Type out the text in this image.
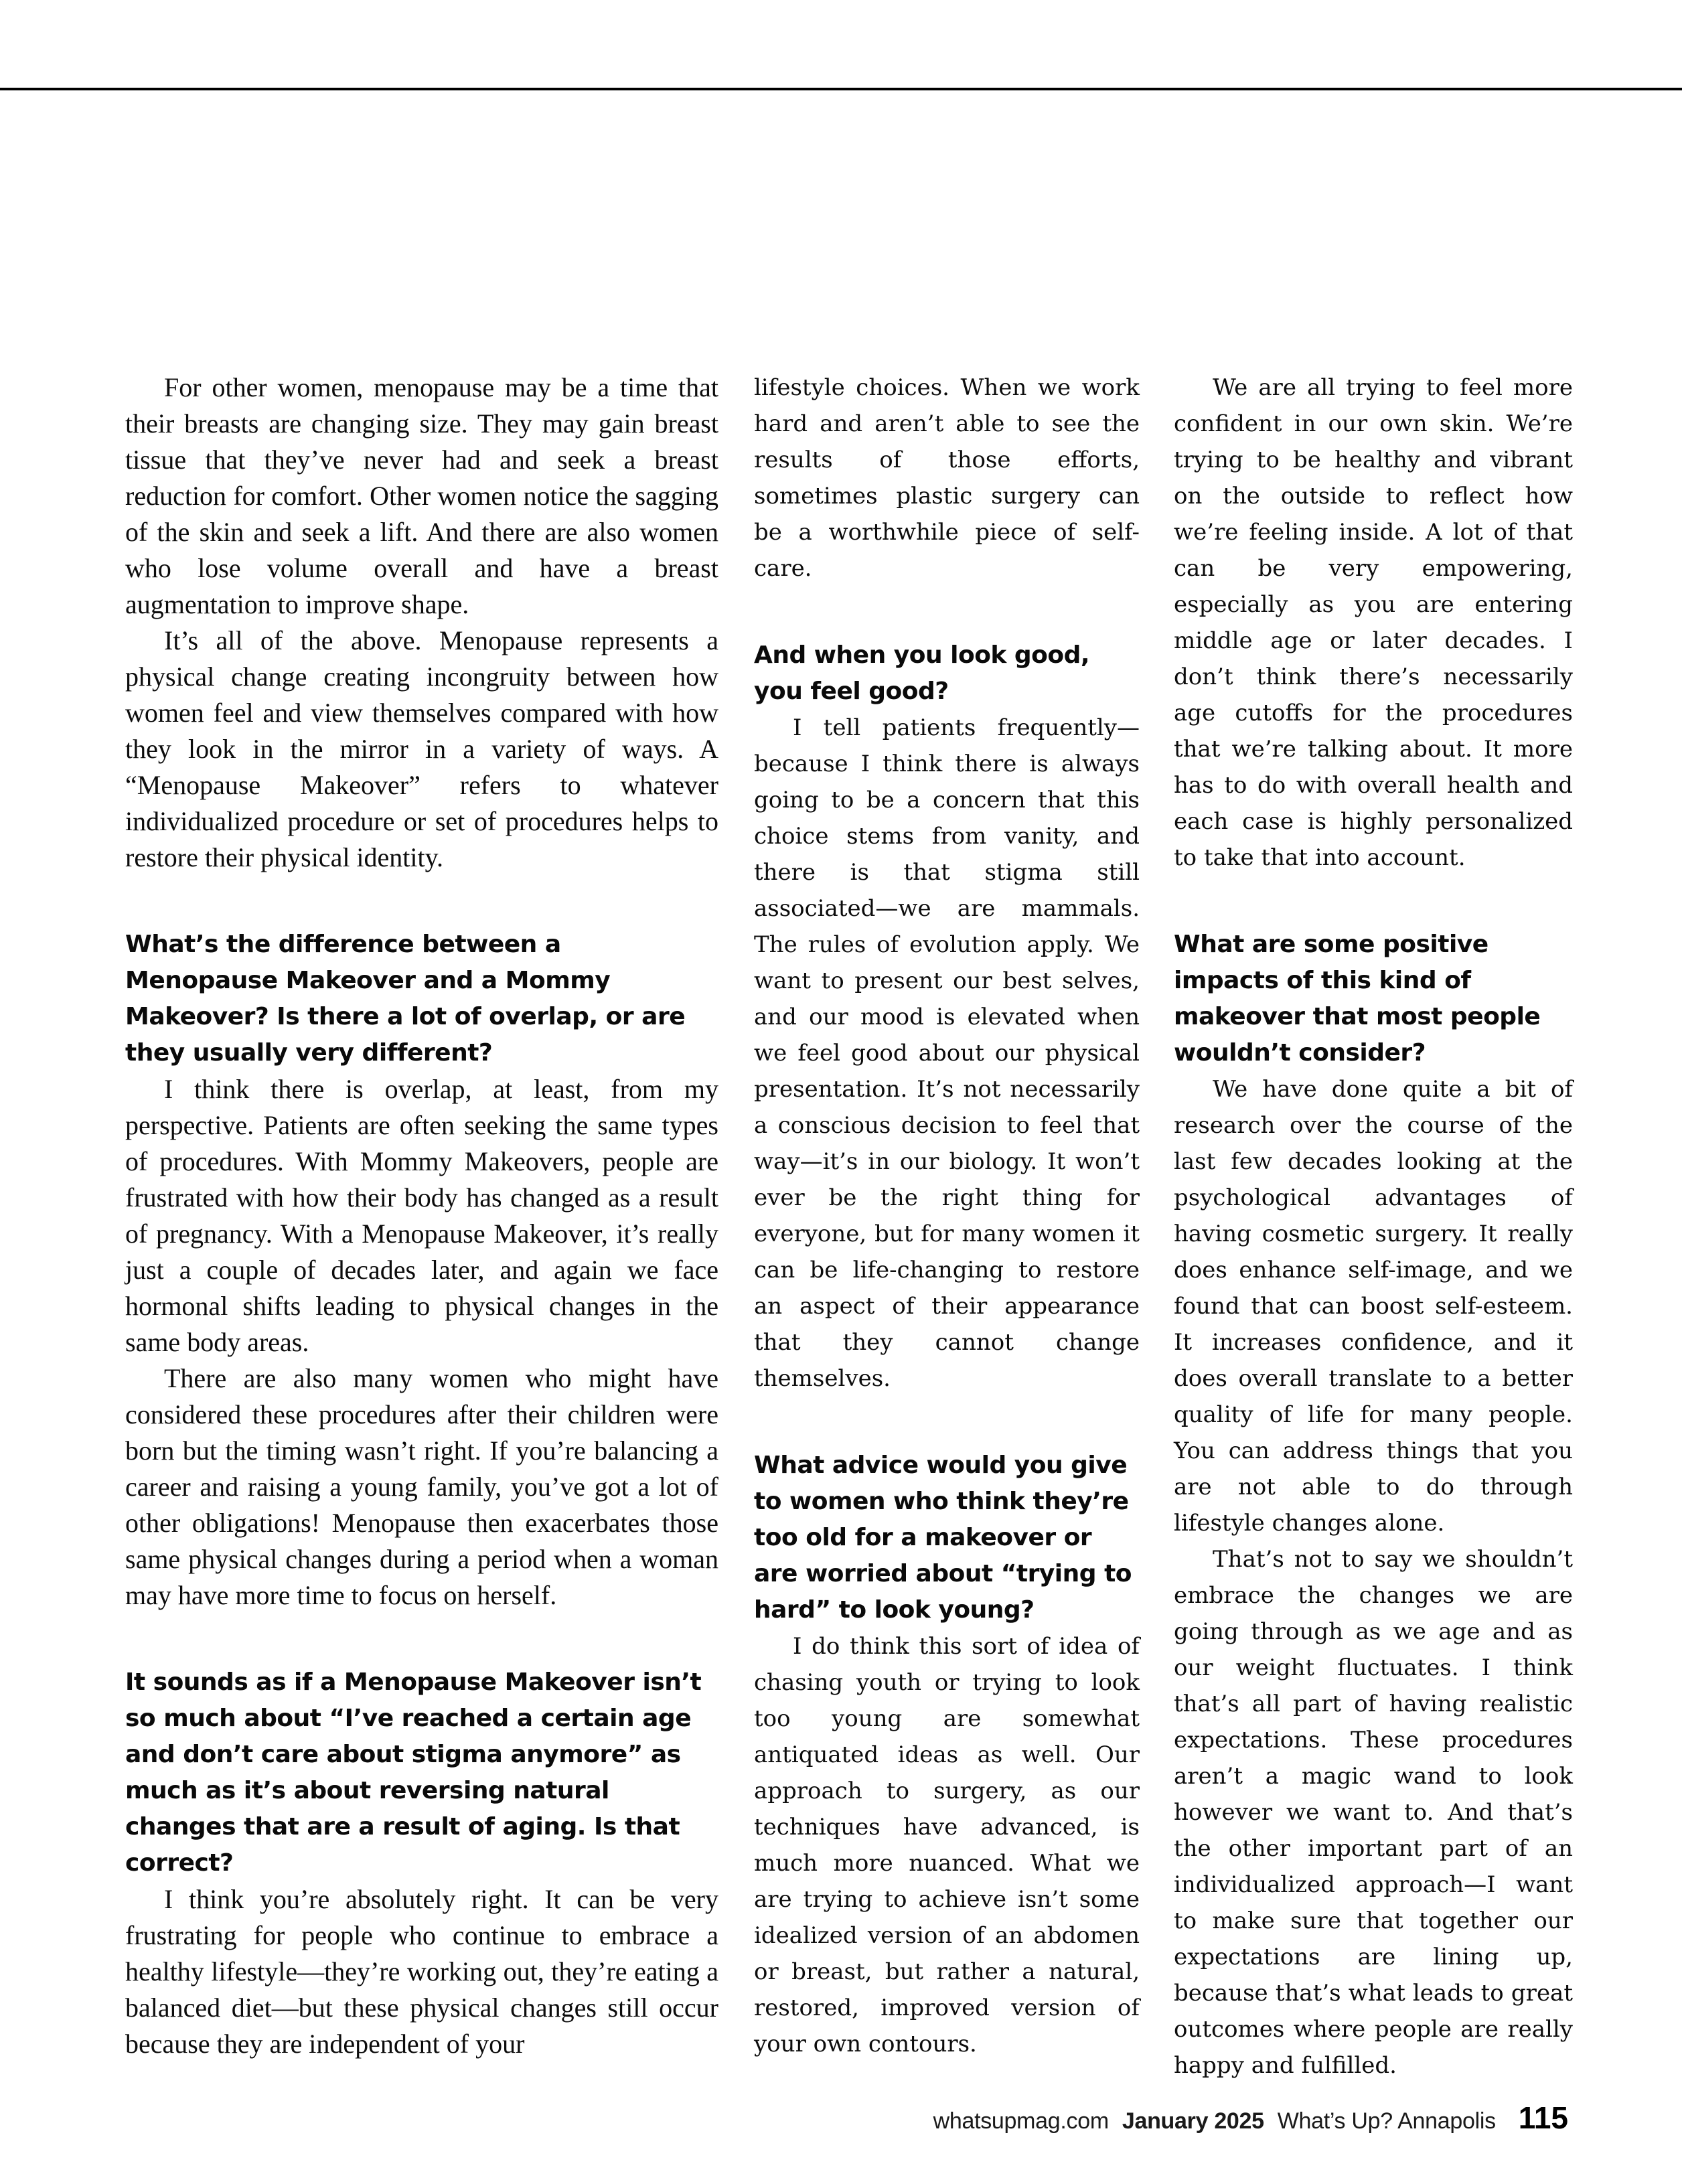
For other women, menopause may be a time that their breasts are changing size. They may gain breast tissue that they’ve never had and seek a breast reduction for comfort. Other women notice the sagging of the skin and seek a lift. And there are also women who lose volume overall and have a breast augmentation to improve shape.

It’s all of the above. Menopause represents a physical change creating incongruity between how women feel and view themselves compared with how they look in the mirror in a variety of ways. A “Menopause Makeover” refers to whatever individualized procedure or set of procedures helps to restore their physical identity.

What’s the difference between a Menopause Makeover and a Mommy Makeover? Is there a lot of overlap, or are they usually very different?

I think there is overlap, at least, from my perspective. Patients are often seeking the same types of procedures. With Mommy Makeovers, people are frustrated with how their body has changed as a result of pregnancy. With a Menopause Makeover, it’s really just a couple of decades later, and again we face hormonal shifts leading to physical changes in the same body areas.

There are also many women who might have considered these procedures after their children were born but the timing wasn’t right. If you’re balancing a career and raising a young family, you’ve got a lot of other obligations! Menopause then exacerbates those same physical changes during a period when a woman may have more time to focus on herself.

It sounds as if a Menopause Makeover isn’t so much about “I’ve reached a certain age and don’t care about stigma anymore” as much as it’s about reversing natural changes that are a result of aging. Is that correct?

I think you’re absolutely right. It can be very frustrating for people who continue to embrace a healthy lifestyle—they’re working out, they’re eating a balanced diet—but these physical changes still occur because they are independent of your

lifestyle choices. When we work hard and aren’t able to see the results of those efforts, sometimes plastic surgery can be a worthwhile piece of self-care.

And when you look good, you feel good?

I tell patients frequently—because I think there is always going to be a concern that this choice stems from vanity, and there is that stigma still associated—we are mammals. The rules of evolution apply. We want to present our best selves, and our mood is elevated when we feel good about our physical presentation. It’s not necessarily a conscious decision to feel that way—it’s in our biology. It won’t ever be the right thing for everyone, but for many women it can be life-changing to restore an aspect of their appearance that they cannot change themselves.

What advice would you give to women who think they’re too old for a makeover or are worried about “trying to hard” to look young?

I do think this sort of idea of chasing youth or trying to look too young are somewhat antiquated ideas as well. Our approach to surgery, as our techniques have advanced, is much more nuanced. What we are trying to achieve isn’t some idealized version of an abdomen or breast, but rather a natural, restored, improved version of your own contours.

We are all trying to feel more confident in our own skin. We’re trying to be healthy and vibrant on the outside to reflect how we’re feeling inside. A lot of that can be very empowering, especially as you are entering middle age or later decades. I don’t think there’s necessarily age cutoffs for the procedures that we’re talking about. It more has to do with overall health and each case is highly personalized to take that into account.

What are some positive impacts of this kind of makeover that most people wouldn’t consider?

We have done quite a bit of research over the course of the last few decades looking at the psychological advantages of having cosmetic surgery. It really does enhance self-image, and we found that can boost self-esteem. It increases confidence, and it does overall translate to a better quality of life for many people. You can address things that you are not able to do through lifestyle changes alone.

That’s not to say we shouldn’t embrace the changes we are going through as we age and as our weight fluctuates. I think that’s all part of having realistic expectations. These procedures aren’t a magic wand to look however we want to. And that’s the other important part of an individualized approach—I want to make sure that together our expectations are lining up, because that’s what leads to great outcomes where people are really happy and fulfilled.

whatsupmag.com January 2025 What’s Up? Annapolis 115
